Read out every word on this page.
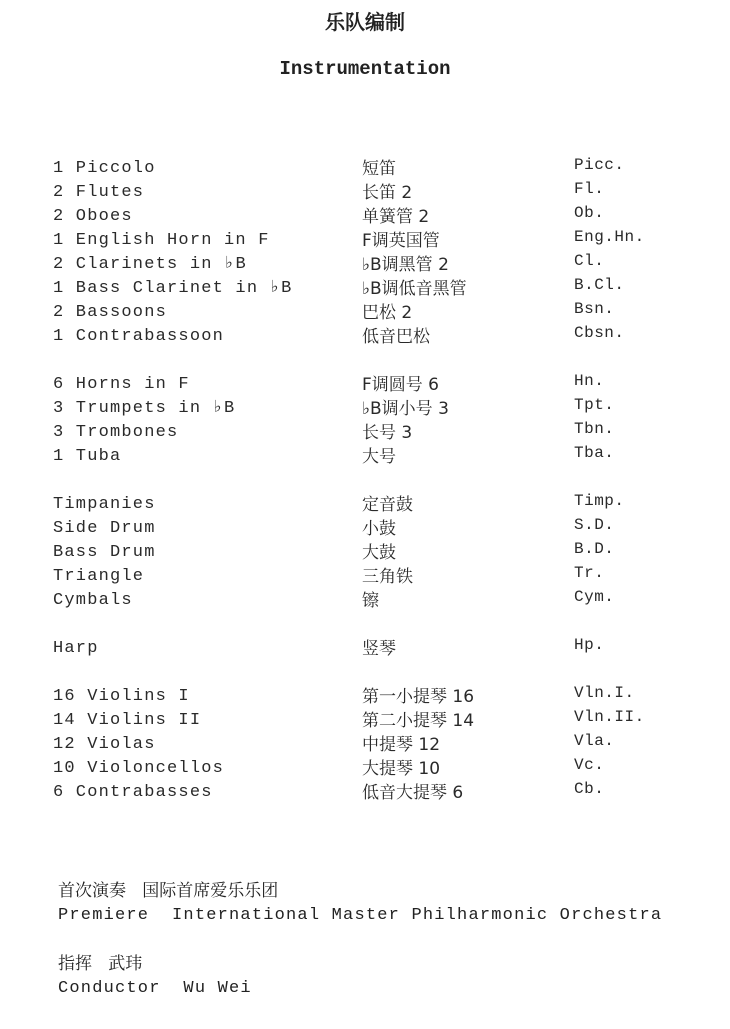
乐队编制
Instrumentation
1 Piccolo	短笛	Picc.
2 Flutes	长笛 2	Fl.
2 Oboes	单簧管 2	Ob.
1 English Horn in F	F调英国管	Eng.Hn.
2 Clarinets in ♭B	♭B调黑管 2	Cl.
1 Bass Clarinet in ♭B	♭B调低音黑管	B.Cl.
2 Bassoons	巴松 2	Bsn.
1 Contrabassoon	低音巴松	Cbsn.
6 Horns in F	F调圆号 6	Hn.
3 Trumpets in ♭B	♭B调小号 3	Tpt.
3 Trombones	长号 3	Tbn.
1 Tuba	大号	Tba.
Timpanies	定音鼓	Timp.
Side Drum	小鼓	S.D.
Bass Drum	大鼓	B.D.
Triangle	三角铁	Tr.
Cymbals	镲	Cym.
Harp	竖琴	Hp.
16 Violins I	第一小提琴 16	Vln.I.
14 Violins II	第二小提琴 14	Vln.II.
12 Violas	中提琴 12	Vla.
10 Violoncellos	大提琴 10	Vc.
6 Contrabasses	低音大提琴 6	Cb.
首次演奏   国际首席爱乐乐团
Premiere  International Master Philharmonic Orchestra
指挥   武玮
Conductor  Wu Wei
